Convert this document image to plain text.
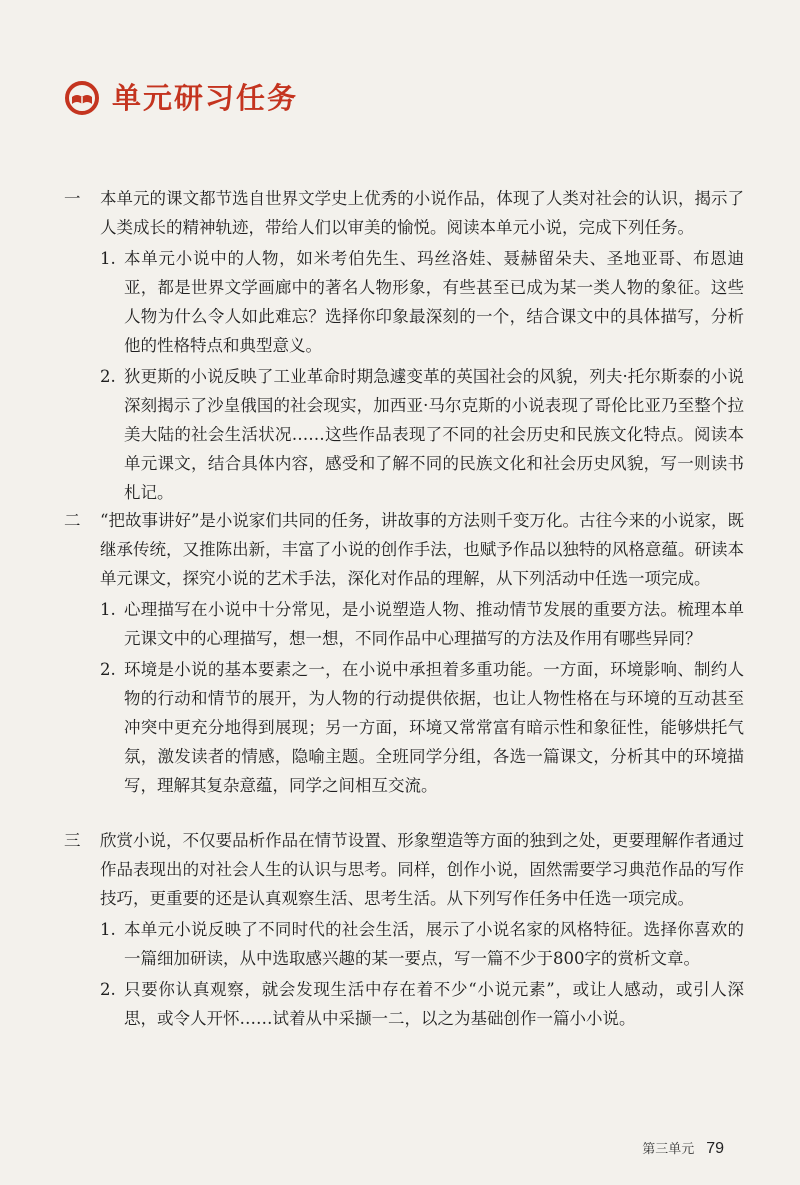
单元研习任务
一	本单元的课文都节选自世界文学史上优秀的小说作品，体现了人类对社会的认识，揭示了人类成长的精神轨迹，带给人们以审美的愉悦。阅读本单元小说，完成下列任务。
1. 本单元小说中的人物，如米考伯先生、玛丝洛娃、聂赫留朵夫、圣地亚哥、布恩迪亚，都是世界文学画廊中的著名人物形象，有些甚至已成为某一类人物的象征。这些人物为什么令人如此难忘？选择你印象最深刻的一个，结合课文中的具体描写，分析他的性格特点和典型意义。
2. 狄更斯的小说反映了工业革命时期急遽变革的英国社会的风貌，列夫·托尔斯泰的小说深刻揭示了沙皇俄国的社会现实，加西亚·马尔克斯的小说表现了哥伦比亚乃至整个拉美大陆的社会生活状况……这些作品表现了不同的社会历史和民族文化特点。阅读本单元课文，结合具体内容，感受和了解不同的民族文化和社会历史风貌，写一则读书札记。
二	“把故事讲好”是小说家们共同的任务，讲故事的方法则千变万化。古往今来的小说家，既继承传统，又推陈出新，丰富了小说的创作手法，也赋予作品以独特的风格意蕴。研读本单元课文，探究小说的艺术手法，深化对作品的理解，从下列活动中任选一项完成。
1. 心理描写在小说中十分常见，是小说塑造人物、推动情节发展的重要方法。梳理本单元课文中的心理描写，想一想，不同作品中心理描写的方法及作用有哪些异同？
2. 环境是小说的基本要素之一，在小说中承担着多重功能。一方面，环境影响、制约人物的行动和情节的展开，为人物的行动提供依据，也让人物性格在与环境的互动甚至冲突中更充分地得到展现；另一方面，环境又常常富有暗示性和象征性，能够烘托气氛，激发读者的情感，隐喻主题。全班同学分组，各选一篇课文，分析其中的环境描写，理解其复杂意蕴，同学之间相互交流。
三	欣赏小说，不仅要品析作品在情节设置、形象塑造等方面的独到之处，更要理解作者通过作品表现出的对社会人生的认识与思考。同样，创作小说，固然需要学习典范作品的写作技巧，更重要的还是认真观察生活、思考生活。从下列写作任务中任选一项完成。
1. 本单元小说反映了不同时代的社会生活，展示了小说名家的风格特征。选择你喜欢的一篇细加研读，从中选取感兴趣的某一要点，写一篇不少于800字的赏析文章。
2. 只要你认真观察，就会发现生活中存在着不少“小说元素”，或让人感动，或引人深思，或令人开怀……试着从中采撷一二，以之为基础创作一篇小小说。
第三单元 79
